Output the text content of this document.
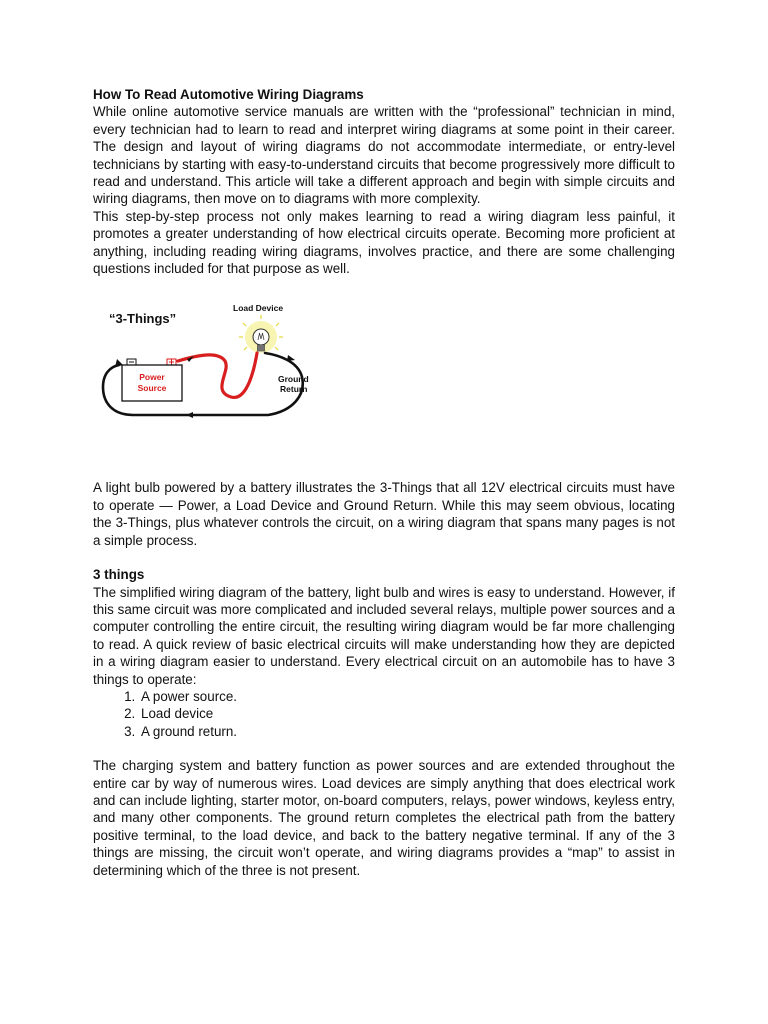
How To Read Automotive Wiring Diagrams

While online automotive service manuals are written with the “professional” technician in mind, every technician had to learn to read and interpret wiring diagrams at some point in their career. The design and layout of wiring diagrams do not accommodate intermediate, or entry-level technicians by starting with easy-to-understand circuits that become progressively more difficult to read and understand. This article will take a different approach and begin with simple circuits and wiring diagrams, then move on to diagrams with more complexity.

This step-by-step process not only makes learning to read a wiring diagram less painful, it promotes a greater understanding of how electrical circuits operate. Becoming more proficient at anything, including reading wiring diagrams, involves practice, and there are some challenging questions included for that purpose as well.

“3-Things”
Load Device
Power
Source
Ground
Return

A light bulb powered by a battery illustrates the 3-Things that all 12V electrical circuits must have to operate — Power, a Load Device and Ground Return. While this may seem obvious, locating the 3-Things, plus whatever controls the circuit, on a wiring diagram that spans many pages is not a simple process.

3 things

The simplified wiring diagram of the battery, light bulb and wires is easy to understand. However, if this same circuit was more complicated and included several relays, multiple power sources and a computer controlling the entire circuit, the resulting wiring diagram would be far more challenging to read. A quick review of basic electrical circuits will make understanding how they are depicted in a wiring diagram easier to understand. Every electrical circuit on an automobile has to have 3 things to operate:

1. A power source.
2. Load device
3. A ground return.

The charging system and battery function as power sources and are extended throughout the entire car by way of numerous wires. Load devices are simply anything that does electrical work and can include lighting, starter motor, on-board computers, relays, power windows, keyless entry, and many other components. The ground return completes the electrical path from the battery positive terminal, to the load device, and back to the battery negative terminal. If any of the 3 things are missing, the circuit won’t operate, and wiring diagrams provides a “map” to assist in determining which of the three is not present.
